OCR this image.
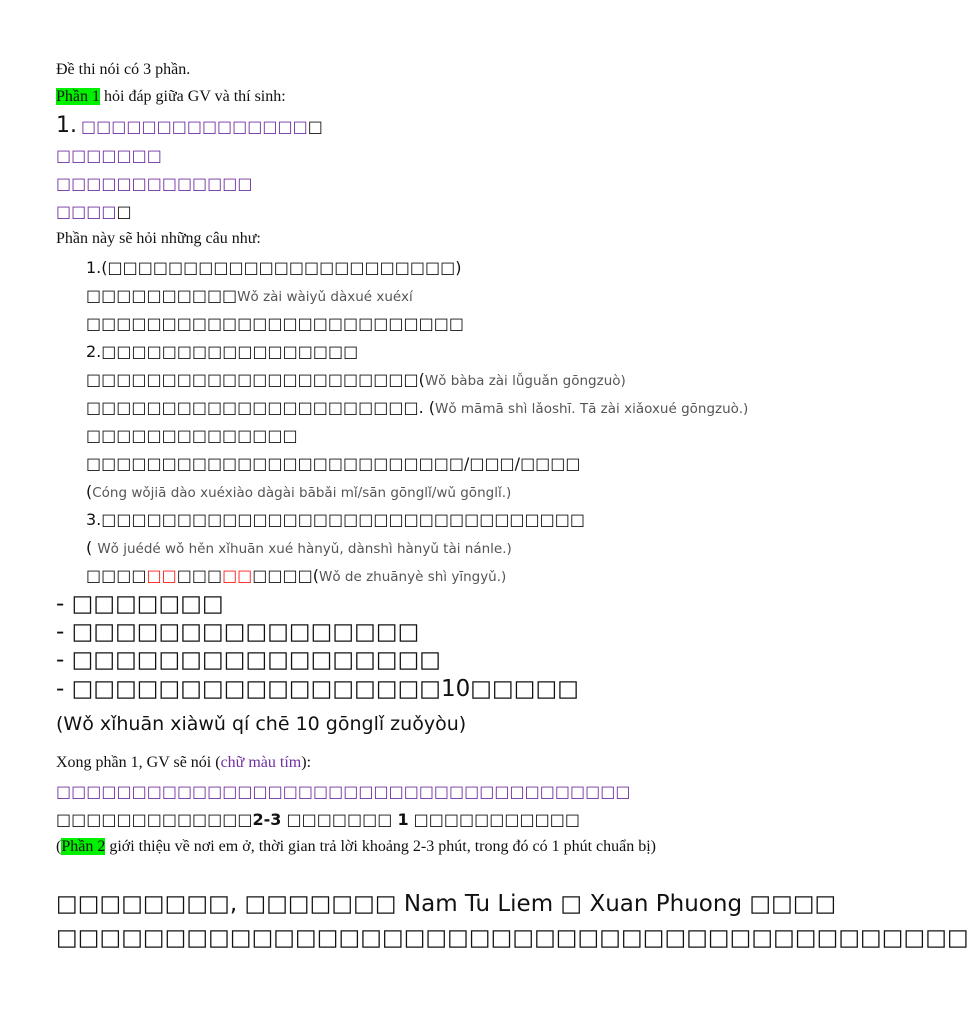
Đề thi nói có 3 phần.
Phần 1 hỏi đáp giữa GV và thí sinh:
1. □□□□□□□□□□□□□□□□
□□□□□□□
□□□□□□□□□□□□□
□□□□□
Phần này sẽ hỏi những câu như:
1.(□□□□□□□□□□□□□□□□□□□□□□□)
□□□□□□□□□□Wǒ zài wàiyǔ dàxué xuéxí
□□□□□□□□□□□□□□□□□□□□□□□□□
2.□□□□□□□□□□□□□□□□□
□□□□□□□□□□□□□□□□□□□□□□(Wǒ bàba zài lǚguǎn gōngzuò)
□□□□□□□□□□□□□□□□□□□□□□. (Wǒ māmā shì lǎoshī. Tā zài xiǎoxué gōngzuò.)
□□□□□□□□□□□□□□
□□□□□□□□□□□□□□□□□□□□□□□□□/□□□/□□□□
(Cóng wǒjiā dào xuéxiào dàgài bābǎi mǐ/sān gōnglǐ/wǔ gōnglǐ.)
3.□□□□□□□□□□□□□□□□□□□□□□□□□□□□□□□□
( Wǒ juédé wǒ hěn xǐhuān xué hànyǔ, dànshì hànyǔ tài nánle.)
□□□□□□□□□□□□□□□(Wǒ de zhuānyè shì yīngyǔ.)
- □□□□□□□
- □□□□□□□□□□□□□□□□
- □□□□□□□□□□□□□□□□□
- □□□□□□□□□□□□□□□□□10□□□□□
(Wǒ xǐhuān xiàwǔ qí chē 10 gōnglǐ zuǒyòu)
Xong phần 1, GV sẽ nói (chữ màu tím):
□□□□□□□□□□□□□□□□□□□□□□□□□□□□□□□□□□□□□□
□□□□□□□□□□□□□2-3 □□□□□□□ 1 □□□□□□□□□□□
(Phần 2 giới thiệu về nơi em ở, thời gian trả lời khoảng 2-3 phút, trong đó có 1 phút chuẩn bị)
□□□□□□□□, □□□□□□□ Nam Tu Liem □ Xuan Phuong □□□□
□□□□□□□□□□□□□□□□□□□□□□□□□□□□□□□□□□□□□□□□□□
